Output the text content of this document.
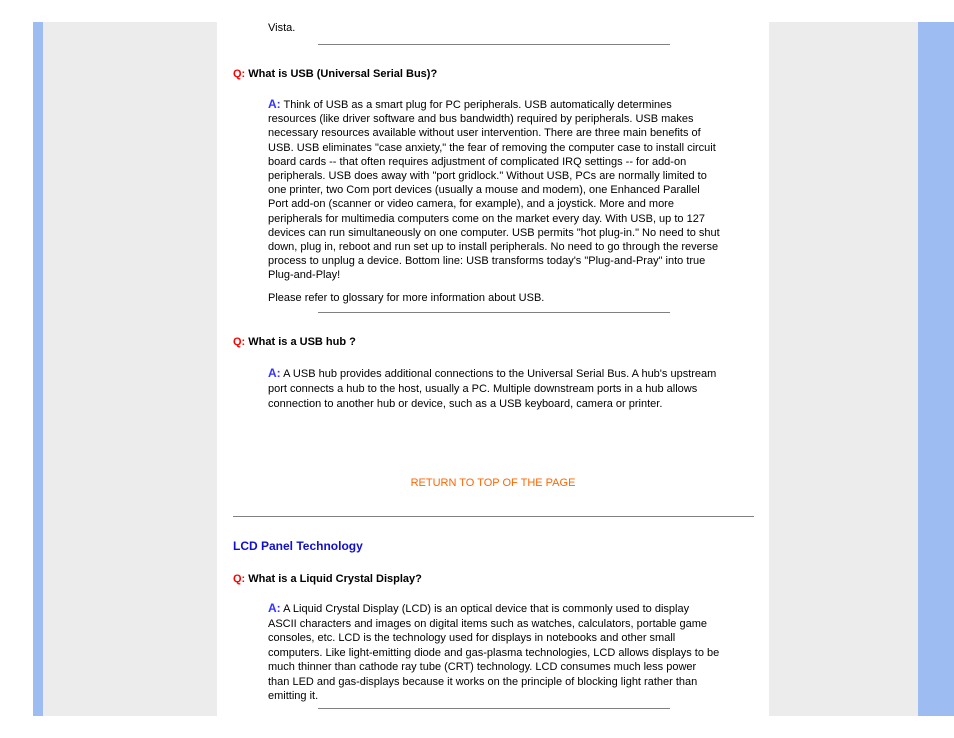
Vista.
Q: What is USB (Universal Serial Bus)?
A: Think of USB as a smart plug for PC peripherals. USB automatically determines resources (like driver software and bus bandwidth) required by peripherals. USB makes necessary resources available without user intervention. There are three main benefits of USB. USB eliminates "case anxiety," the fear of removing the computer case to install circuit board cards -- that often requires adjustment of complicated IRQ settings -- for add-on peripherals. USB does away with "port gridlock." Without USB, PCs are normally limited to one printer, two Com port devices (usually a mouse and modem), one Enhanced Parallel Port add-on (scanner or video camera, for example), and a joystick. More and more peripherals for multimedia computers come on the market every day. With USB, up to 127 devices can run simultaneously on one computer. USB permits "hot plug-in." No need to shut down, plug in, reboot and run set up to install peripherals. No need to go through the reverse process to unplug a device. Bottom line: USB transforms today's "Plug-and-Pray" into true Plug-and-Play!
Please refer to glossary for more information about USB.
Q: What is a USB hub ?
A: A USB hub provides additional connections to the Universal Serial Bus. A hub's upstream port connects a hub to the host, usually a PC. Multiple downstream ports in a hub allows connection to another hub or device, such as a USB keyboard, camera or printer.
RETURN TO TOP OF THE PAGE
LCD Panel Technology
Q: What is a Liquid Crystal Display?
A: A Liquid Crystal Display (LCD) is an optical device that is commonly used to display ASCII characters and images on digital items such as watches, calculators, portable game consoles, etc. LCD is the technology used for displays in notebooks and other small computers. Like light-emitting diode and gas-plasma technologies, LCD allows displays to be much thinner than cathode ray tube (CRT) technology. LCD consumes much less power than LED and gas-displays because it works on the principle of blocking light rather than emitting it.
